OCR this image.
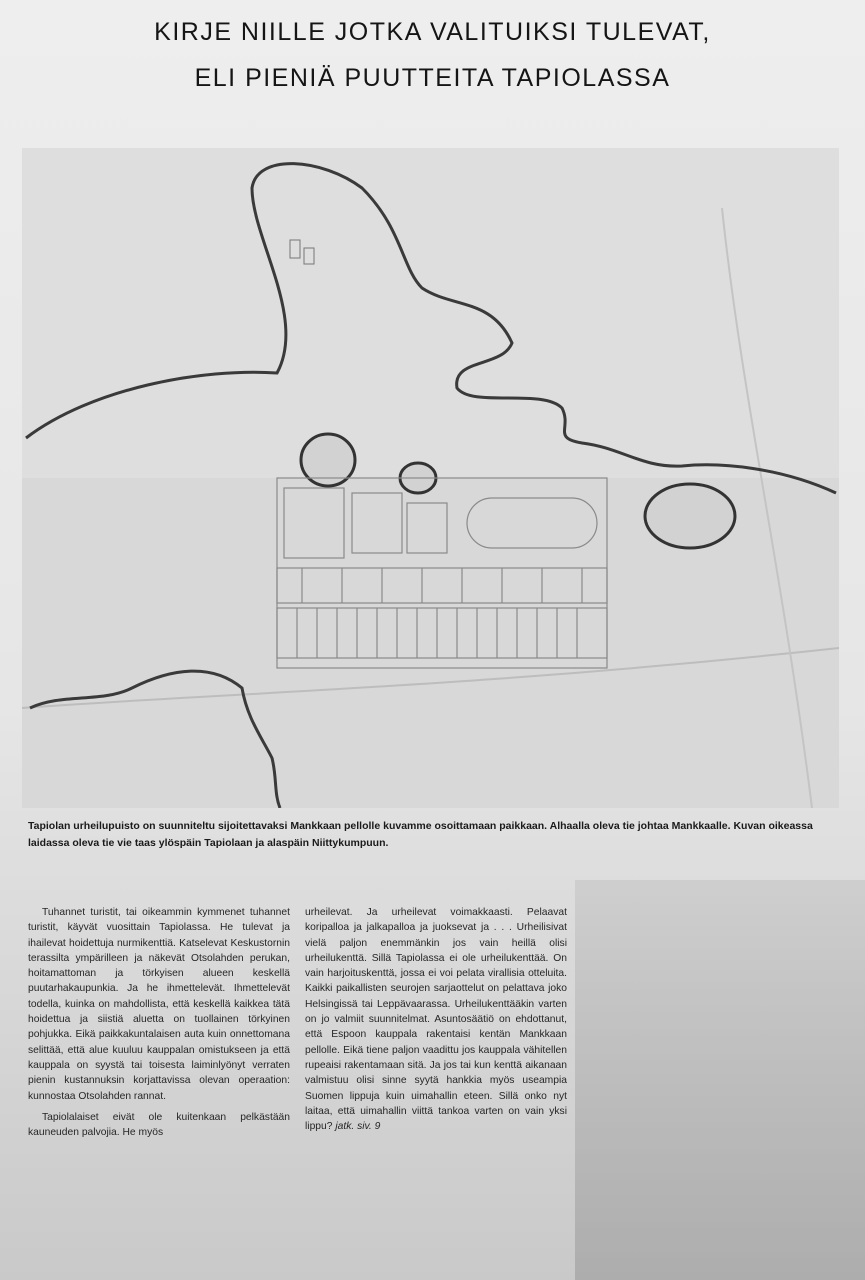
KIRJE NIILLE JOTKA VALITUIKSI TULEVAT,
ELI PIENIÄ PUUTTEITA TAPIOLASSA
Tapiolan urheilupuisto on suunniteltu sijoitettavaksi Mankkaan pellolle kuvamme osoittamaan paikkaan. Alhaalla oleva tie johtaa Mankkaalle. Kuvan oikeassa laidassa oleva tie vie taas ylöspäin Tapiolaan ja alaspäin Niittykumpuun.

Tuhannet turistit, tai oikeammin kymmenet tuhannet turistit, käyvät vuosittain Tapiolassa. He tulevat ja ihailevat hoidettuja nurmikenttiä. Katselevat Keskustornin terassilta ympärilleen ja näkevät Otsolahden perukan, hoitamattoman ja törkyisen alueen keskellä puutarhakaupunkia. Ja he ihmettelevät. Ihmettelevät todella, kuinka on mahdollista, että keskellä kaikkea tätä hoidettua ja siistiä aluetta on tuollainen törkyinen pohjukka. Eikä paikkakuntalaisen auta kuin onnettomana selittää, että alue kuuluu kauppalan omistukseen ja että kauppala on syystä tai toisesta laiminlyönyt verraten pienin kustannuksin korjattavissa olevan operaation: kunnostaa Otsolahden rannat.

Tapiolalaiset eivät ole kuitenkaan pelkästään kauneuden palvojia. He myös

urheilevat. Ja urheilevat voimakkaasti. Pelaavat koripalloa ja jalkapalloa ja juoksevat ja . . . Urheilisivat vielä paljon enemmänkin jos vain heillä olisi urheilukenttä. Sillä Tapiolassa ei ole urheilukenttää. On vain harjoituskenttä, jossa ei voi pelata virallisia otteluita. Kaikki paikallisten seurojen sarjaottelut on pelattava joko Helsingissä tai Leppävaarassa. Urheilukenttääkin varten on jo valmiit suunnitelmat. Asuntosäätiö on ehdottanut, että Espoon kauppala rakentaisi kentän Mankkaan pellolle. Eikä tiene paljon vaadittu jos kauppala vähitellen rupeaisi rakentamaan sitä. Ja jos tai kun kenttä aikanaan valmistuu olisi sinne syytä hankkia myös useampia Suomen lippuja kuin uimahallin eteen. Sillä onko nyt laitaa, että uimahallin viittä tankoa varten on vain yksi lippu? jatk. siv. 9
